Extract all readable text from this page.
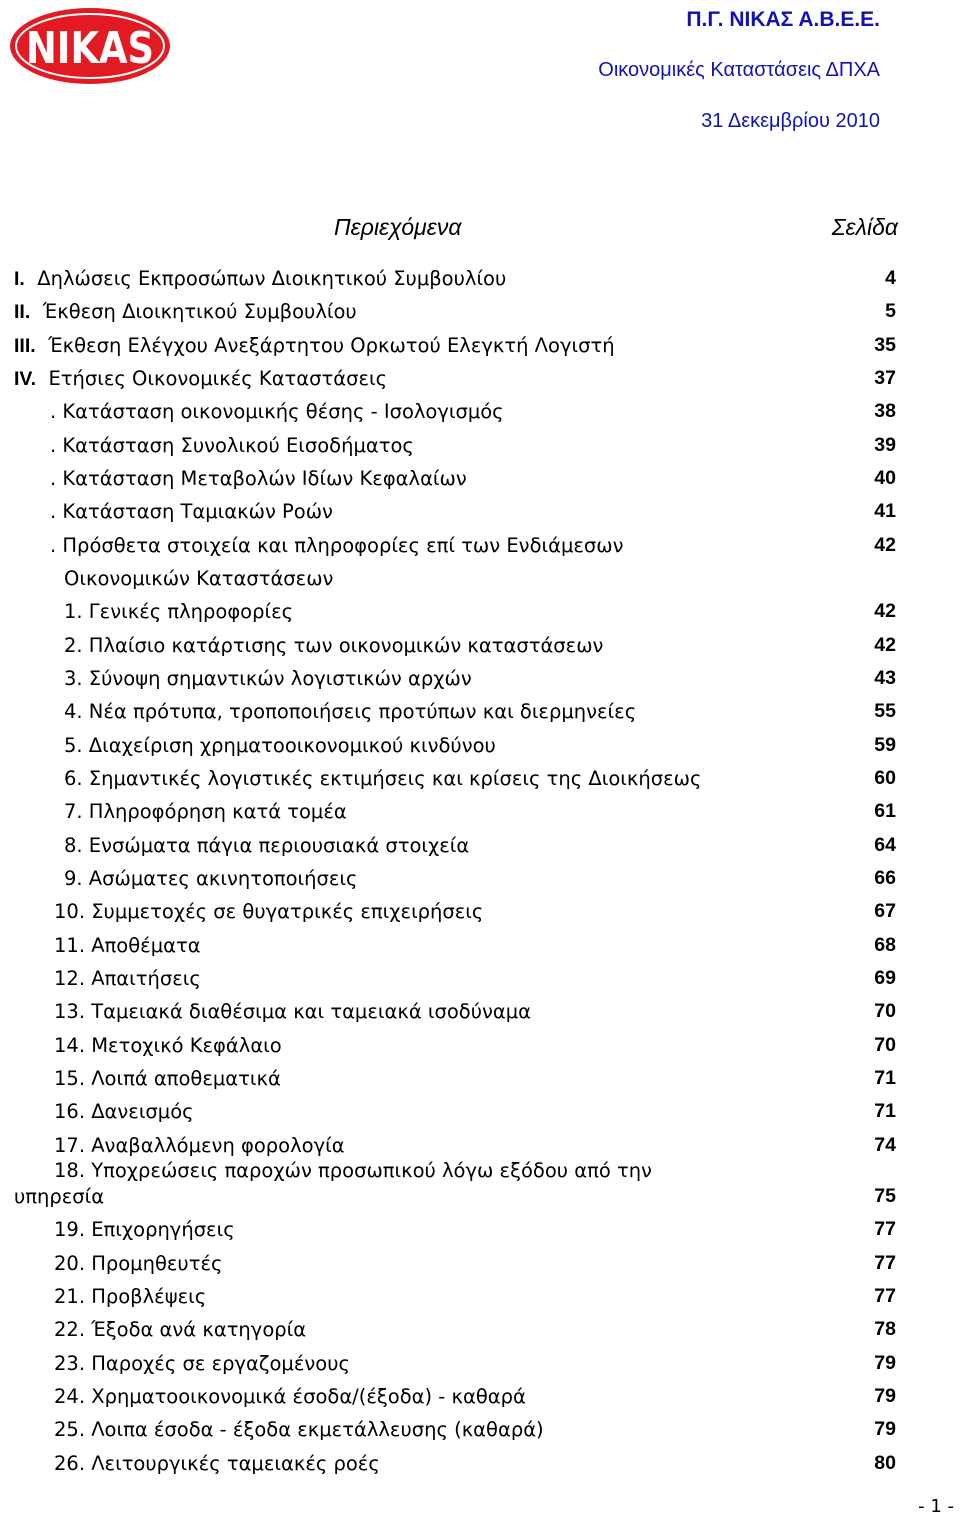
NIKAS
Π.Γ. ΝΙΚΑΣ Α.Β.Ε.Ε.
Οικονομικές Καταστάσεις ΔΠΧΑ
31 Δεκεμβρίου 2010
Περιεχόμενα	Σελίδα
I. Δηλώσεις Εκπροσώπων Διοικητικού Συμβουλίου	4
II. Έκθεση Διοικητικού Συμβουλίου	5
III. Έκθεση Ελέγχου Ανεξάρτητου Ορκωτού Ελεγκτή Λογιστή	35
IV. Ετήσιες Οικονομικές Καταστάσεις	37
. Κατάσταση οικονομικής θέσης - Ισολογισμός	38
. Κατάσταση Συνολικού Εισοδήματος	39
. Κατάσταση Μεταβολών Ιδίων Κεφαλαίων	40
. Κατάσταση Ταμιακών Ροών	41
. Πρόσθετα στοιχεία και πληροφορίες επί των Ενδιάμεσων	42
Οικονομικών Καταστάσεων
1. Γενικές πληροφορίες	42
2. Πλαίσιο κατάρτισης των οικονομικών καταστάσεων	42
3. Σύνοψη σημαντικών λογιστικών αρχών	43
4. Νέα πρότυπα, τροποποιήσεις προτύπων και διερμηνείες	55
5. Διαχείριση χρηματοοικονομικού κινδύνου	59
6. Σημαντικές λογιστικές εκτιμήσεις και κρίσεις της Διοικήσεως	60
7. Πληροφόρηση κατά τομέα	61
8. Ενσώματα πάγια περιουσιακά στοιχεία	64
9. Ασώματες ακινητοποιήσεις	66
10. Συμμετοχές σε θυγατρικές επιχειρήσεις	67
11. Αποθέματα	68
12. Απαιτήσεις	69
13. Ταμειακά διαθέσιμα και ταμειακά ισοδύναμα	70
14. Μετοχικό Κεφάλαιο	70
15. Λοιπά αποθεματικά	71
16. Δανεισμός	71
17. Αναβαλλόμενη φορολογία	74
18. Υποχρεώσεις παροχών προσωπικού λόγω εξόδου από την
υπηρεσία	75
19. Επιχορηγήσεις	77
20. Προμηθευτές	77
21. Προβλέψεις	77
22. Έξοδα ανά κατηγορία	78
23. Παροχές σε εργαζομένους	79
24. Χρηματοοικονομικά έσοδα/(έξοδα) - καθαρά	79
25. Λοιπα έσοδα - έξοδα εκμετάλλευσης (καθαρά)	79
26. Λειτουργικές ταμειακές ροές	80
- 1 -
